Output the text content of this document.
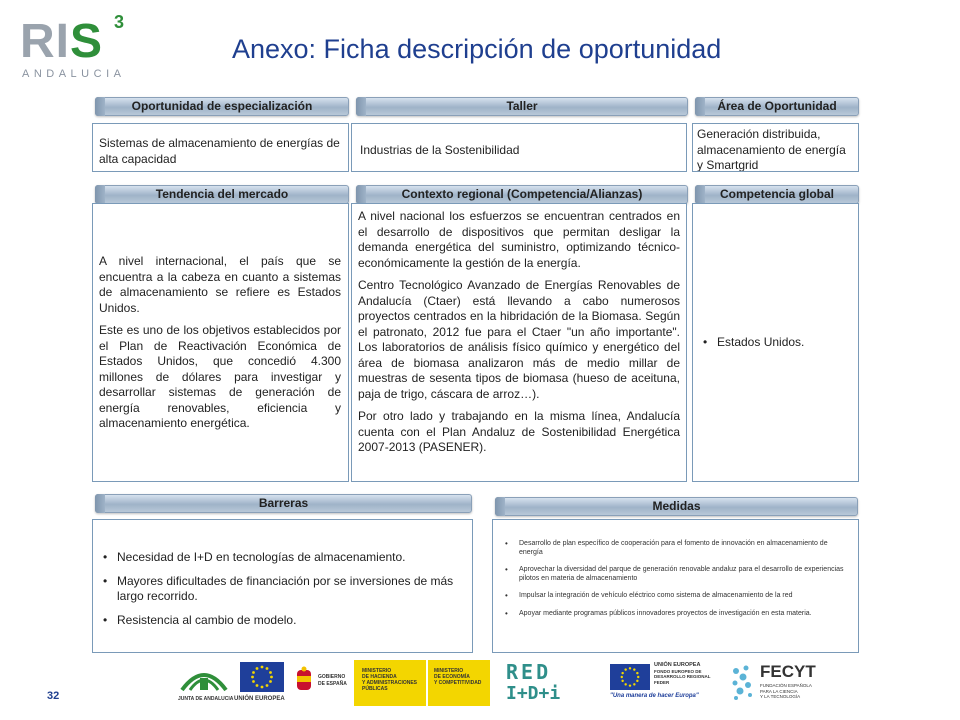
RIS 3
ANDALUCIA
Anexo: Ficha descripción de oportunidad
Oportunidad de especialización

Sistemas de almacenamiento de energías de alta capacidad

Taller

Industrias de la Sostenibilidad

Área de Oportunidad

Generación distribuida, almacenamiento de energía y Smartgrid

Tendencia del mercado

A nivel internacional, el país que se encuentra a la cabeza en cuanto a sistemas de almacenamiento se refiere es Estados Unidos.

Este es uno de los objetivos establecidos por el Plan de Reactivación Económica de Estados Unidos, que concedió 4.300 millones de dólares para investigar y desarrollar sistemas de generación de energía renovables, eficiencia y almacenamiento energética.

Contexto regional (Competencia/Alianzas)

A nivel nacional los esfuerzos se encuentran centrados en el desarrollo de dispositivos que permitan desligar la demanda energética del suministro, optimizando técnico-económicamente la gestión de la energía.

Centro Tecnológico Avanzado de Energías Renovables de Andalucía (Ctaer) está llevando a cabo numerosos proyectos centrados en la hibridación de la Biomasa. Según el patronato, 2012 fue para el Ctaer "un año importante". Los laboratorios de análisis físico químico y energético del área de biomasa analizaron más de medio millar de muestras de sesenta tipos de biomasa (hueso de aceituna, paja de trigo, cáscara de arroz…).

Por otro lado y trabajando en la misma línea, Andalucía cuenta con el Plan Andaluz de Sostenibilidad Energética 2007-2013 (PASENER).

Competencia global
• Estados Unidos.
Barreras
• Necesidad de I+D en tecnologías de almacenamiento.
• Mayores dificultades de financiación por se inversiones de más largo recorrido.
• Resistencia al cambio de modelo.
Medidas
• Desarrollo de plan específico de cooperación para el fomento de innovación en almacenamiento de energía
• Aprovechar la diversidad del parque de generación renovable andaluz para el desarrollo de experiencias pilotos en materia de almacenamiento
• Impulsar la integración de vehículo eléctrico como sistema de almacenamiento de la red
• Apoyar mediante programas públicos innovadores proyectos de investigación en esta materia.
32	JUNTA DE ANDALUCIA UNIÓN EUROPEA
GOBIERNO
DE ESPAÑA
MINISTERIO
DE HACIENDA
Y ADMINISTRACIONES PÚBLICAS
MINISTERIO
DE ECONOMÍA
Y COMPETITIVIDAD RED
I+D+i
UNIÓN EUROPEA
FONDO EUROPEO DE
DESARROLLO REGIONAL
FEDER
"Una manera de hacer Europa"
FECYT
FUNDACIÓN ESPAÑOLA
PARA LA CIENCIA
Y LA TECNOLOGÍA
